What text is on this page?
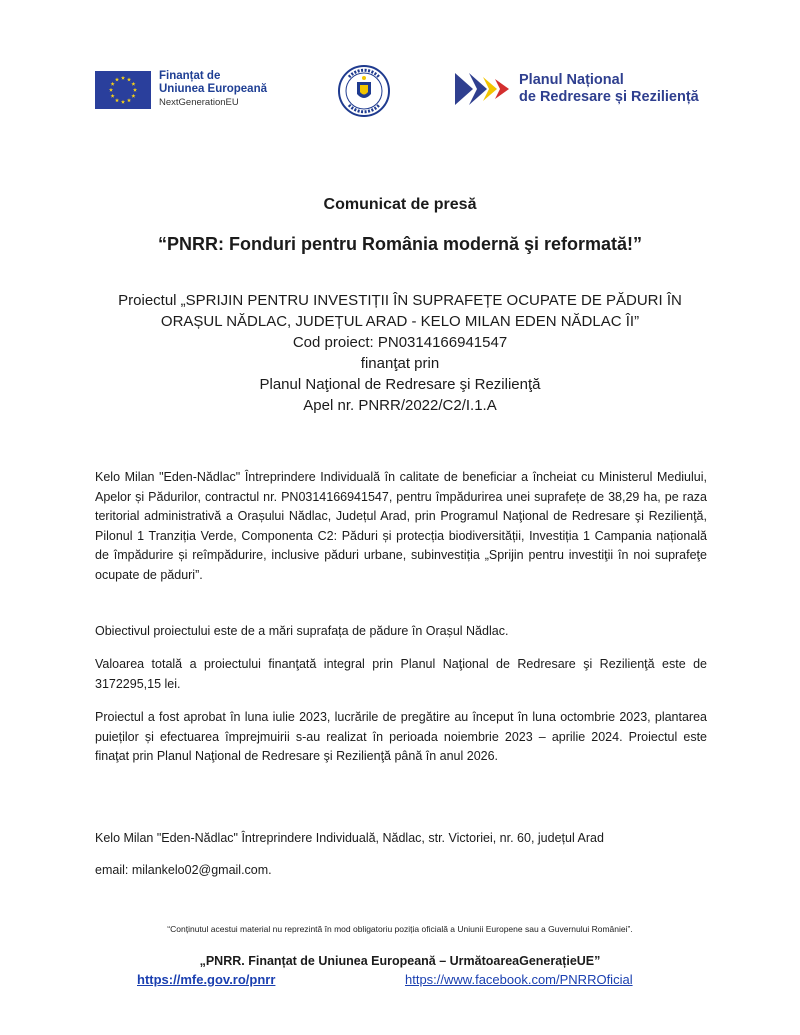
Finanțat de
Uniunea Europeană
NextGenerationEU
Planul Național
de Redresare și Reziliență
Comunicat de presă
“PNRR: Fonduri pentru România modernă şi reformată!”
Proiectul „SPRIJIN PENTRU INVESTIȚII ÎN SUPRAFEȚE OCUPATE DE PĂDURI ÎN
ORAȘUL NĂDLAC, JUDEȚUL ARAD - KELO MILAN EDEN NĂDLAC ÎI”
Cod proiect: PN0314166941547
finanţat prin
Planul Naţional de Redresare şi Rezilienţă
Apel nr. PNRR/2022/C2/I.1.A
Kelo Milan "Eden-Nădlac" Întreprindere Individuală în calitate de beneficiar a încheiat cu Ministerul Mediului, Apelor și Pădurilor, contractul nr. PN0314166941547, pentru împădurirea unei suprafețe de 38,29 ha, pe raza teritorial administrativă a Orașului Nădlac, Județul Arad, prin Programul Naţional de Redresare şi Rezilienţă, Pilonul 1 Tranziția Verde, Componenta C2: Păduri și protecția biodiversității, Investiția 1 Campania națională de împădurire și reîmpădurire, inclusive păduri urbane, subinvestiția „Sprijin pentru investiţii în noi suprafeţe ocupate de păduri”.
Obiectivul proiectului este de a mări suprafața de pădure în Orașul Nădlac.
Valoarea totală a proiectului finanţată integral prin Planul Naţional de Redresare şi Rezilienţă este de 3172295,15 lei.
Proiectul a fost aprobat în luna iulie 2023, lucrările de pregătire au început în luna octombrie 2023, plantarea puieților și efectuarea împrejmuirii s-au realizat în perioada noiembrie 2023 – aprilie 2024. Proiectul este finaţat prin Planul Naţional de Redresare şi Rezilienţă până în anul 2026.
Kelo Milan "Eden-Nădlac" Întreprindere Individuală, Nădlac, str. Victoriei, nr. 60, județul Arad
email: milankelo02@gmail.com.
“Conținutul acestui material nu reprezintă în mod obligatoriu poziția oficială a Uniunii Europene sau a Guvernului României”.
„PNRR. Finanțat de Uniunea Europeană – UrmătoareaGenerațieUE”
https://mfe.gov.ro/pnrr	https://www.facebook.com/PNRROficial
